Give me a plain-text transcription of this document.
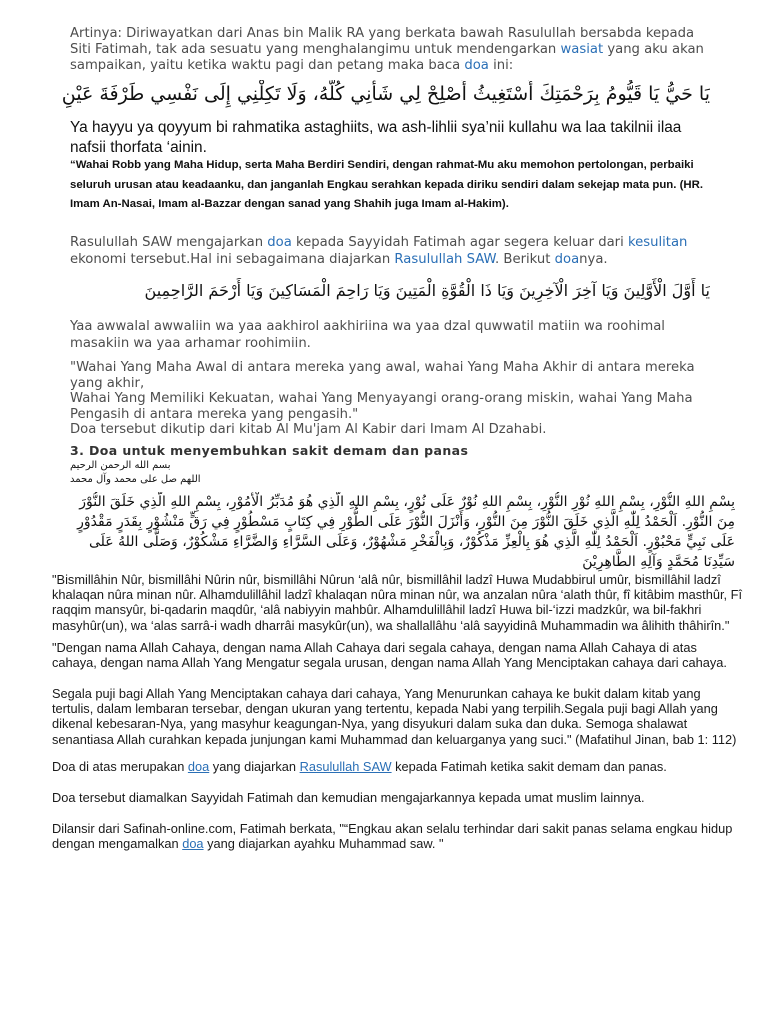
Artinya: Diriwayatkan dari Anas bin Malik RA yang berkata bawah Rasulullah bersabda kepada Siti Fatimah, tak ada sesuatu yang menghalangimu untuk mendengarkan wasiat yang aku akan sampaikan, yaitu ketika waktu pagi dan petang maka baca doa ini:

يَا حَيُّ يَا قَيُّومُ بِرَحْمَتِكَ أَسْتَغِيثُ أَصْلِحْ لِي شَأْنِي كُلَّهُ، وَلَا تَكِلْنِي إِلَى نَفْسِي طَرْفَةَ عَيْنٍ

Ya hayyu ya qoyyum bi rahmatika astaghiits, wa ash-lihlii sya’nii kullahu wa laa takilnii ilaa nafsii thorfata ‘ainin.

“Wahai Robb yang Maha Hidup, serta Maha Berdiri Sendiri, dengan rahmat-Mu aku memohon pertolongan, perbaiki seluruh urusan atau keadaanku, dan janganlah Engkau serahkan kepada diriku sendiri dalam sekejap mata pun. (HR. Imam An-Nasai, Imam al-Bazzar dengan sanad yang Shahih juga Imam al-Hakim).

Rasulullah SAW mengajarkan doa kepada Sayyidah Fatimah agar segera keluar dari kesulitan ekonomi tersebut.Hal ini sebagaimana diajarkan Rasulullah SAW. Berikut doanya.

يَا أَوَّلَ الْأَوَّلِينَ وَيَا آخِرَ الْآخِرِينَ وَيَا ذَا الْقُوَّةِ الْمَتِينَ وَيَا رَاحِمَ الْمَسَاكِينَ وَيَا أَرْحَمَ الرَّاحِمِينَ

Yaa awwalal awwaliin wa yaa aakhirol aakhiriina wa yaa dzal quwwatil matiin wa roohimal masakiin wa yaa arhamar roohimiin.

"Wahai Yang Maha Awal di antara mereka yang awal, wahai Yang Maha Akhir di antara mereka yang akhir,

Wahai Yang Memiliki Kekuatan, wahai Yang Menyayangi orang-orang miskin, wahai Yang Maha Pengasih di antara mereka yang pengasih."

Doa tersebut dikutip dari kitab Al Mu'jam Al Kabir dari Imam Al Dzahabi.

3. Doa untuk menyembuhkan sakit demam dan panas

بسم الله الرحمن الرحيم

اللهم صل على محمد وآل محمد

بِسْمِ اللهِ النُّوْرِ، بِسْمِ اللهِ نُوْرِ النُّوْرِ، بِسْمِ اللهِ نُوْرٌ عَلَى نُوْرٍ، بِسْمِ اللهِ الَّذِي هُوَ مُدَبِّرُ الْأُمُوْرِ، بِسْمِ اللهِ الَّذِي خَلَقَ النُّوْرَ مِنَ النُّوْرِ. اَلْحَمْدُ لِلّٰهِ الَّذِي خَلَقَ النُّوْرَ مِنَ النُّوْرِ، وَأَنْزَلَ النُّوْرَ عَلَى الطُّوْرِ فِي كِتَابٍ مَسْطُوْرٍ فِي رَقٍّ مَنْشُوْرٍ بِقَدَرٍ مَقْدُوْرٍ عَلَى نَبِيٍّ مَحْبُوْرٍ. اَلْحَمْدُ لِلّٰهِ الَّذِي هُوَ بِالْعِزِّ مَذْكُوْرٌ، وَبِالْفَخْرِ مَشْهُوْرٌ، وَعَلَى السَّرَّاءِ وَالضَّرَّاءِ مَشْكُوْرٌ، وَصَلَّى اللهُ عَلَى سَيِّدِنَا مُحَمَّدٍ وَآلِهِ الطَّاهِرِيْنَ

"Bismillâhin Nûr, bismillâhi Nûrin nûr, bismillâhi Nûrun ‘alâ nûr, bismillâhil ladzî Huwa Mudabbirul umûr, bismillâhil ladzî khalaqan nûra minan nûr. Alhamdulillâhil ladzî khalaqan nûra minan nûr, wa anzalan nûra ‘alath thûr, fî kitâbim masthûr, Fî raqqim mansyûr, bi-qadarin maqdûr, ‘alâ nabiyyin mahbûr. Alhamdulillâhil ladzî Huwa bil-‘izzi madzkûr, wa bil-fakhri masyhûr(un), wa ‘alas sarrâ-i wadh dharrâi masykûr(un), wa shallallâhu ‘alâ sayyidinâ Muhammadin wa âlihith thâhirîn."

"Dengan nama Allah Cahaya, dengan nama Allah Cahaya dari segala cahaya, dengan nama Allah Cahaya di atas cahaya, dengan nama Allah Yang Mengatur segala urusan, dengan nama Allah Yang Menciptakan cahaya dari cahaya.

Segala puji bagi Allah Yang Menciptakan cahaya dari cahaya, Yang Menurunkan cahaya ke bukit dalam kitab yang tertulis, dalam lembaran tersebar, dengan ukuran yang tertentu, kepada Nabi yang terpilih.Segala puji bagi Allah yang dikenal kebesaran-Nya, yang masyhur keagungan-Nya, yang disyukuri dalam suka dan duka. Semoga shalawat senantiasa Allah curahkan kepada junjungan kami Muhammad dan keluarganya yang suci." (Mafatihul Jinan, bab 1: 112)

Doa di atas merupakan doa yang diajarkan Rasulullah SAW kepada Fatimah ketika sakit demam dan panas.

Doa tersebut diamalkan Sayyidah Fatimah dan kemudian mengajarkannya kepada umat muslim lainnya.

Dilansir dari Safinah-online.com, Fatimah berkata, "“Engkau akan selalu terhindar dari sakit panas selama engkau hidup dengan mengamalkan doa yang diajarkan ayahku Muhammad saw. "
